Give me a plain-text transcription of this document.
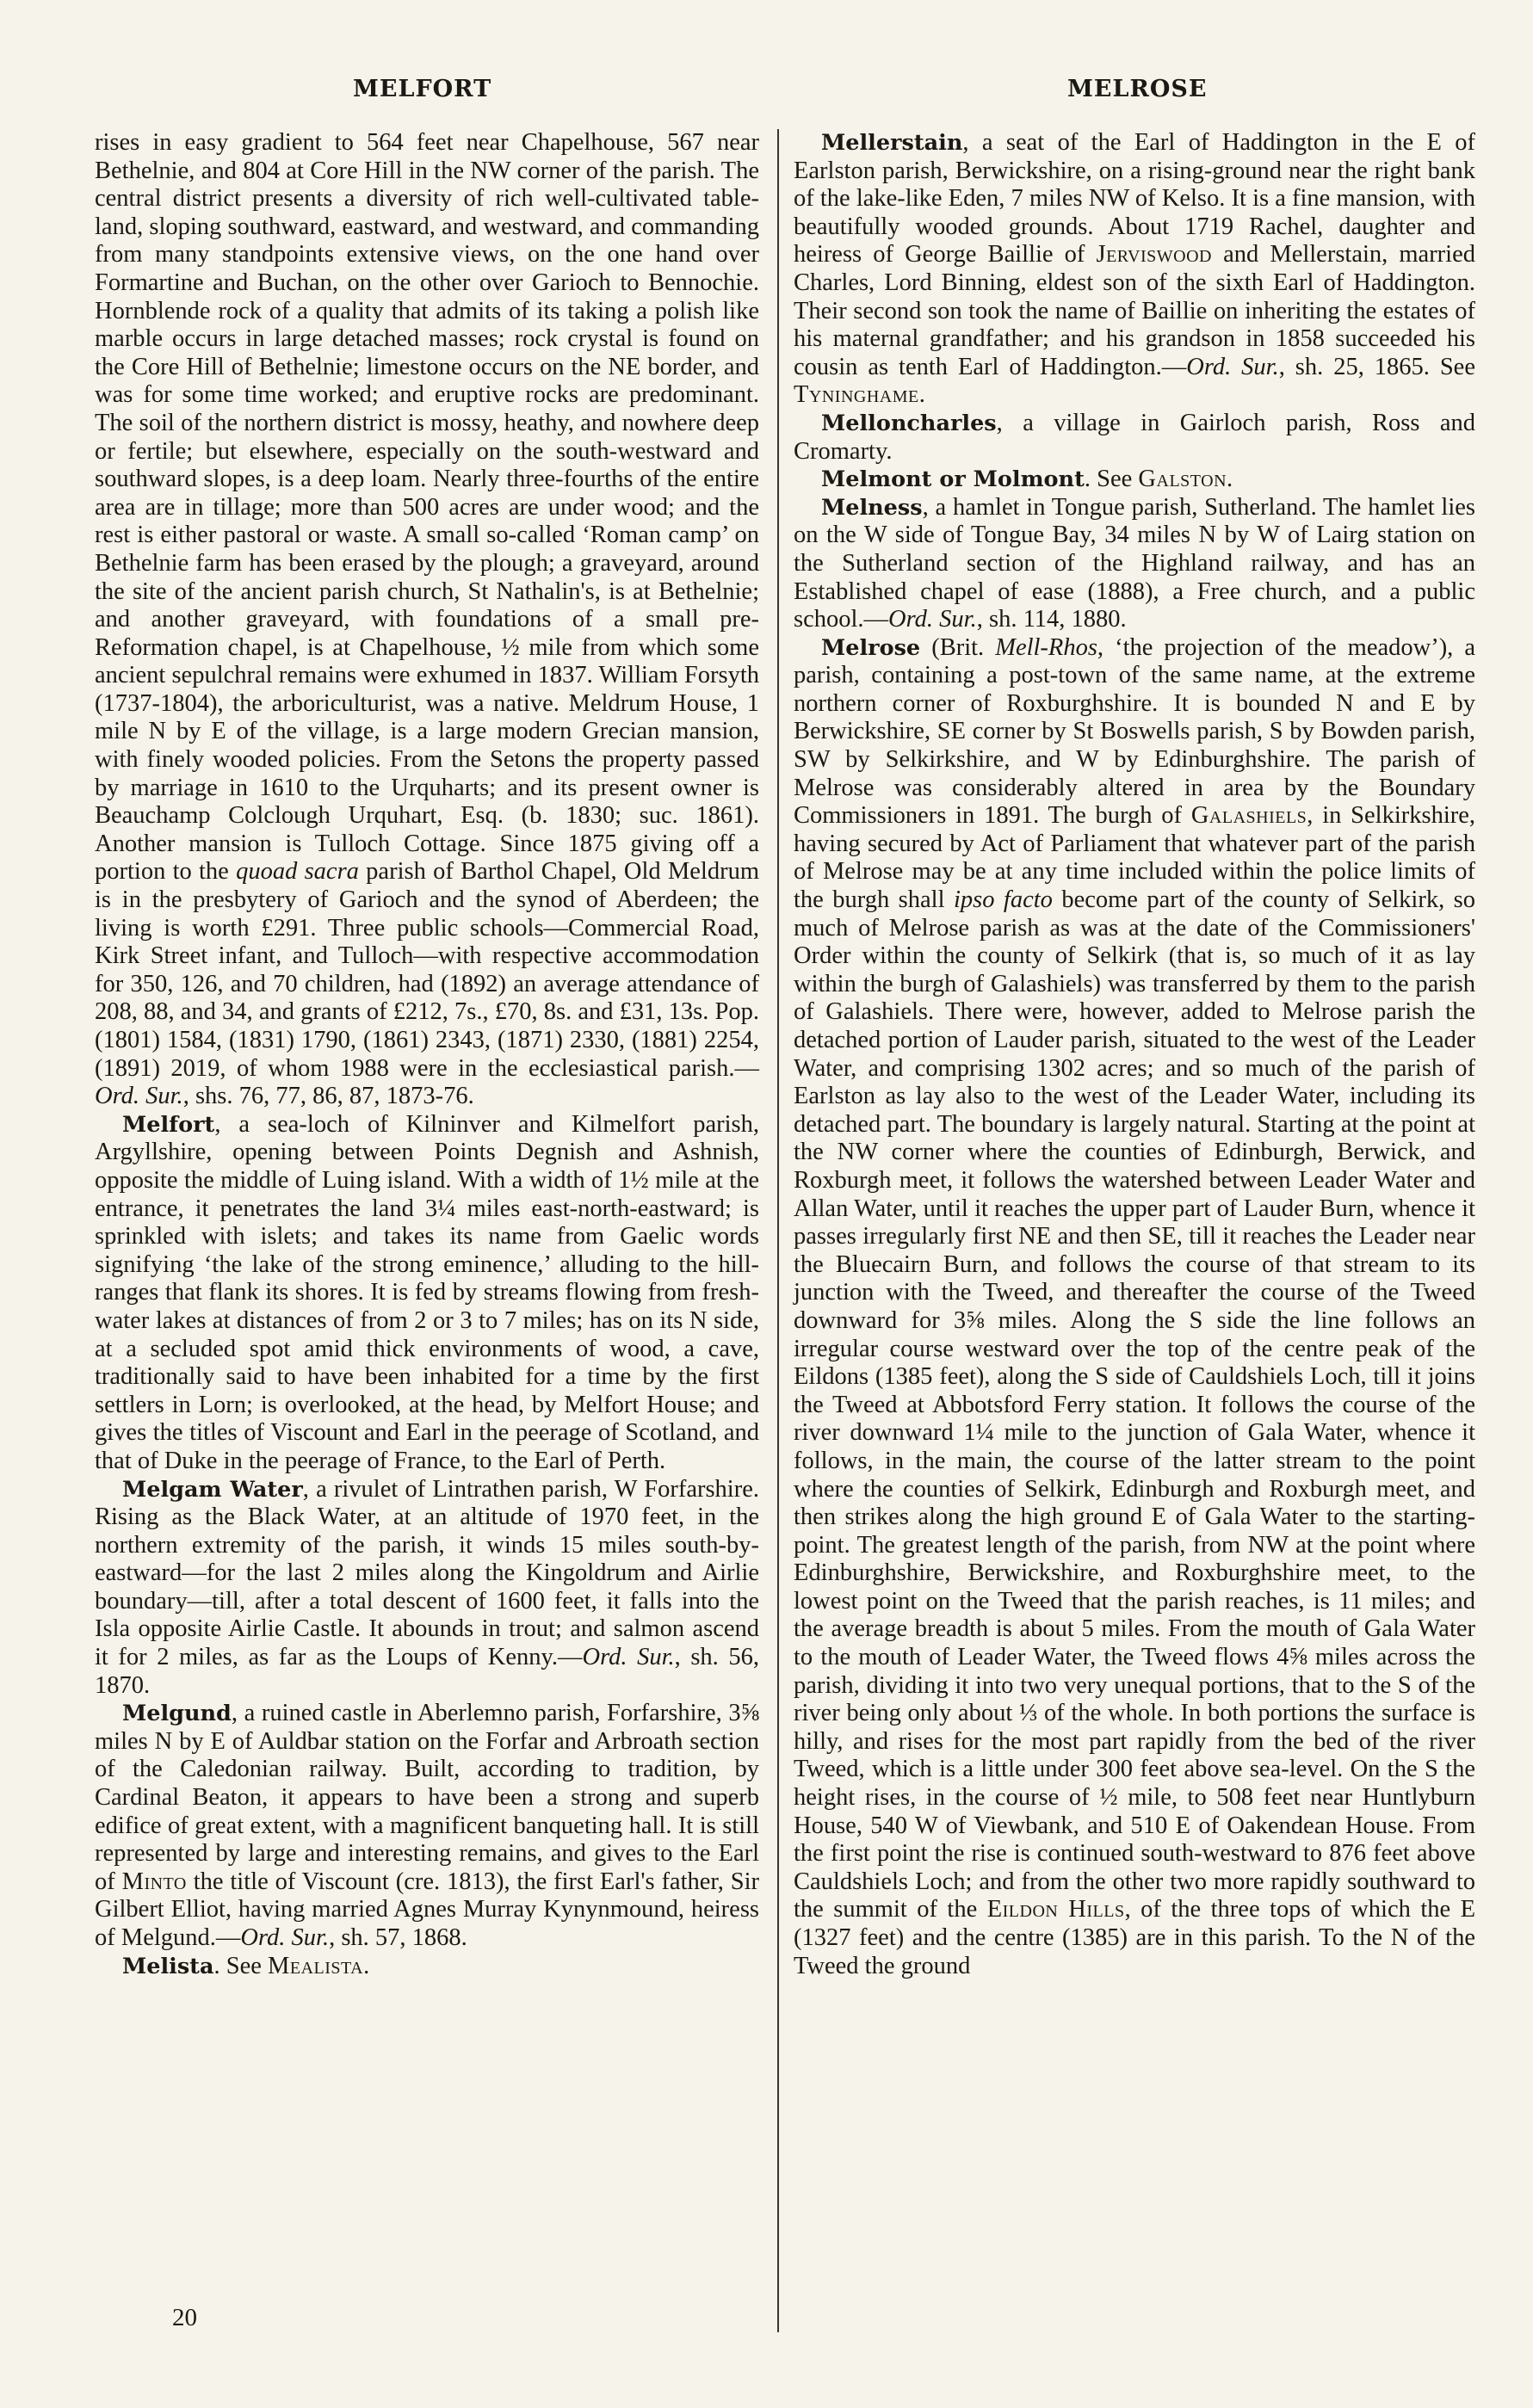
MELFORT	MELROSE

rises in easy gradient to 564 feet near Chapelhouse, 567 near Bethelnie, and 804 at Core Hill in the NW corner of the parish. The central district presents a diversity of rich well-cultivated table-land, sloping southward, eastward, and westward, and commanding from many standpoints extensive views, on the one hand over Formartine and Buchan, on the other over Garioch to Bennochie. Hornblende rock of a quality that admits of its taking a polish like marble occurs in large detached masses; rock crystal is found on the Core Hill of Bethelnie; limestone occurs on the NE border, and was for some time worked; and eruptive rocks are predominant. The soil of the northern district is mossy, heathy, and nowhere deep or fertile; but elsewhere, especially on the south-westward and southward slopes, is a deep loam. Nearly three-fourths of the entire area are in tillage; more than 500 acres are under wood; and the rest is either pastoral or waste. A small so-called ‘Roman camp’ on Bethelnie farm has been erased by the plough; a graveyard, around the site of the ancient parish church, St Nathalin's, is at Bethelnie; and another graveyard, with foundations of a small pre-Reformation chapel, is at Chapelhouse, ½ mile from which some ancient sepulchral remains were exhumed in 1837. William Forsyth (1737-1804), the arboriculturist, was a native. Meldrum House, 1 mile N by E of the village, is a large modern Grecian mansion, with finely wooded policies. From the Setons the property passed by marriage in 1610 to the Urquharts; and its present owner is Beauchamp Colclough Urquhart, Esq. (b. 1830; suc. 1861). Another mansion is Tulloch Cottage. Since 1875 giving off a portion to the quoad sacra parish of Barthol Chapel, Old Meldrum is in the presbytery of Garioch and the synod of Aberdeen; the living is worth £291. Three public schools—Commercial Road, Kirk Street infant, and Tulloch—with respective accommodation for 350, 126, and 70 children, had (1892) an average attendance of 208, 88, and 34, and grants of £212, 7s., £70, 8s. and £31, 13s. Pop. (1801) 1584, (1831) 1790, (1861) 2343, (1871) 2330, (1881) 2254, (1891) 2019, of whom 1988 were in the ecclesiastical parish.—Ord. Sur., shs. 76, 77, 86, 87, 1873-76.

Melfort, a sea-loch of Kilninver and Kilmelfort parish, Argyllshire, opening between Points Degnish and Ashnish, opposite the middle of Luing island. With a width of 1½ mile at the entrance, it penetrates the land 3¼ miles east-north-eastward; is sprinkled with islets; and takes its name from Gaelic words signifying ‘the lake of the strong eminence,’ alluding to the hill-ranges that flank its shores. It is fed by streams flowing from fresh-water lakes at distances of from 2 or 3 to 7 miles; has on its N side, at a secluded spot amid thick environments of wood, a cave, traditionally said to have been inhabited for a time by the first settlers in Lorn; is overlooked, at the head, by Melfort House; and gives the titles of Viscount and Earl in the peerage of Scotland, and that of Duke in the peerage of France, to the Earl of Perth.

Melgam Water, a rivulet of Lintrathen parish, W Forfarshire. Rising as the Black Water, at an altitude of 1970 feet, in the northern extremity of the parish, it winds 15 miles south-by-eastward—for the last 2 miles along the Kingoldrum and Airlie boundary—till, after a total descent of 1600 feet, it falls into the Isla opposite Airlie Castle. It abounds in trout; and salmon ascend it for 2 miles, as far as the Loups of Kenny.—Ord. Sur., sh. 56, 1870.

Melgund, a ruined castle in Aberlemno parish, Forfarshire, 3⅝ miles N by E of Auldbar station on the Forfar and Arbroath section of the Caledonian railway. Built, according to tradition, by Cardinal Beaton, it appears to have been a strong and superb edifice of great extent, with a magnificent banqueting hall. It is still represented by large and interesting remains, and gives to the Earl of Minto the title of Viscount (cre. 1813), the first Earl's father, Sir Gilbert Elliot, having married Agnes Murray Kynynmound, heiress of Melgund.—Ord. Sur., sh. 57, 1868.

Melista. See Mealista.

Mellerstain, a seat of the Earl of Haddington in the E of Earlston parish, Berwickshire, on a rising-ground near the right bank of the lake-like Eden, 7 miles NW of Kelso. It is a fine mansion, with beautifully wooded grounds. About 1719 Rachel, daughter and heiress of George Baillie of Jerviswood and Mellerstain, married Charles, Lord Binning, eldest son of the sixth Earl of Haddington. Their second son took the name of Baillie on inheriting the estates of his maternal grandfather; and his grandson in 1858 succeeded his cousin as tenth Earl of Haddington.—Ord. Sur., sh. 25, 1865. See Tyninghame.

Melloncharles, a village in Gairloch parish, Ross and Cromarty.

Melmont or Molmont. See Galston.

Melness, a hamlet in Tongue parish, Sutherland. The hamlet lies on the W side of Tongue Bay, 34 miles N by W of Lairg station on the Sutherland section of the Highland railway, and has an Established chapel of ease (1888), a Free church, and a public school.—Ord. Sur., sh. 114, 1880.

Melrose (Brit. Mell-Rhos, ‘the projection of the meadow’), a parish, containing a post-town of the same name, at the extreme northern corner of Roxburghshire. It is bounded N and E by Berwickshire, SE corner by St Boswells parish, S by Bowden parish, SW by Selkirkshire, and W by Edinburghshire. The parish of Melrose was considerably altered in area by the Boundary Commissioners in 1891. The burgh of Galashiels, in Selkirkshire, having secured by Act of Parliament that whatever part of the parish of Melrose may be at any time included within the police limits of the burgh shall ipso facto become part of the county of Selkirk, so much of Melrose parish as was at the date of the Commissioners' Order within the county of Selkirk (that is, so much of it as lay within the burgh of Galashiels) was transferred by them to the parish of Galashiels. There were, however, added to Melrose parish the detached portion of Lauder parish, situated to the west of the Leader Water, and comprising 1302 acres; and so much of the parish of Earlston as lay also to the west of the Leader Water, including its detached part. The boundary is largely natural. Starting at the point at the NW corner where the counties of Edinburgh, Berwick, and Roxburgh meet, it follows the watershed between Leader Water and Allan Water, until it reaches the upper part of Lauder Burn, whence it passes irregularly first NE and then SE, till it reaches the Leader near the Bluecairn Burn, and follows the course of that stream to its junction with the Tweed, and thereafter the course of the Tweed downward for 3⅝ miles. Along the S side the line follows an irregular course westward over the top of the centre peak of the Eildons (1385 feet), along the S side of Cauldshiels Loch, till it joins the Tweed at Abbotsford Ferry station. It follows the course of the river downward 1¼ mile to the junction of Gala Water, whence it follows, in the main, the course of the latter stream to the point where the counties of Selkirk, Edinburgh and Roxburgh meet, and then strikes along the high ground E of Gala Water to the starting-point. The greatest length of the parish, from NW at the point where Edinburghshire, Berwickshire, and Roxburghshire meet, to the lowest point on the Tweed that the parish reaches, is 11 miles; and the average breadth is about 5 miles. From the mouth of Gala Water to the mouth of Leader Water, the Tweed flows 4⅝ miles across the parish, dividing it into two very unequal portions, that to the S of the river being only about ⅓ of the whole. In both portions the surface is hilly, and rises for the most part rapidly from the bed of the river Tweed, which is a little under 300 feet above sea-level. On the S the height rises, in the course of ½ mile, to 508 feet near Huntlyburn House, 540 W of Viewbank, and 510 E of Oakendean House. From the first point the rise is continued south-westward to 876 feet above Cauldshiels Loch; and from the other two more rapidly southward to the summit of the Eildon Hills, of the three tops of which the E (1327 feet) and the centre (1385) are in this parish. To the N of the Tweed the ground

20
